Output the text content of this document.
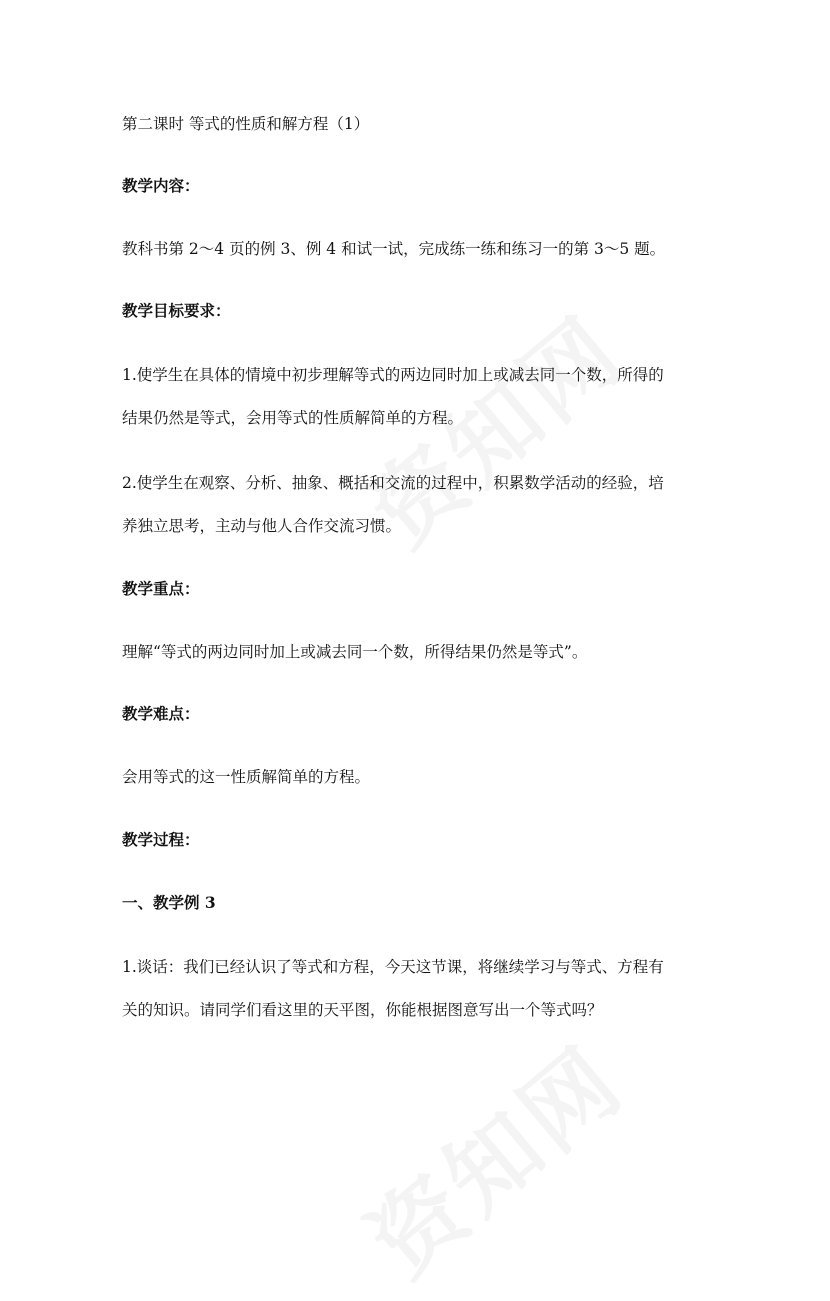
第二课时 等式的性质和解方程（1）
教学内容：
教科书第 2～4 页的例 3、例 4 和试一试，完成练一练和练习一的第 3～5 题。
教学目标要求：
1.使学生在具体的情境中初步理解等式的两边同时加上或减去同一个数，所得的
结果仍然是等式，会用等式的性质解简单的方程。
2.使学生在观察、分析、抽象、概括和交流的过程中，积累数学活动的经验，培
养独立思考，主动与他人合作交流习惯。
教学重点：
理解“等式的两边同时加上或减去同一个数，所得结果仍然是等式”。
教学难点：
会用等式的这一性质解简单的方程。
教学过程：
一、教学例 3
1.谈话：我们已经认识了等式和方程，今天这节课，将继续学习与等式、方程有
关的知识。请同学们看这里的天平图，你能根据图意写出一个等式吗？
